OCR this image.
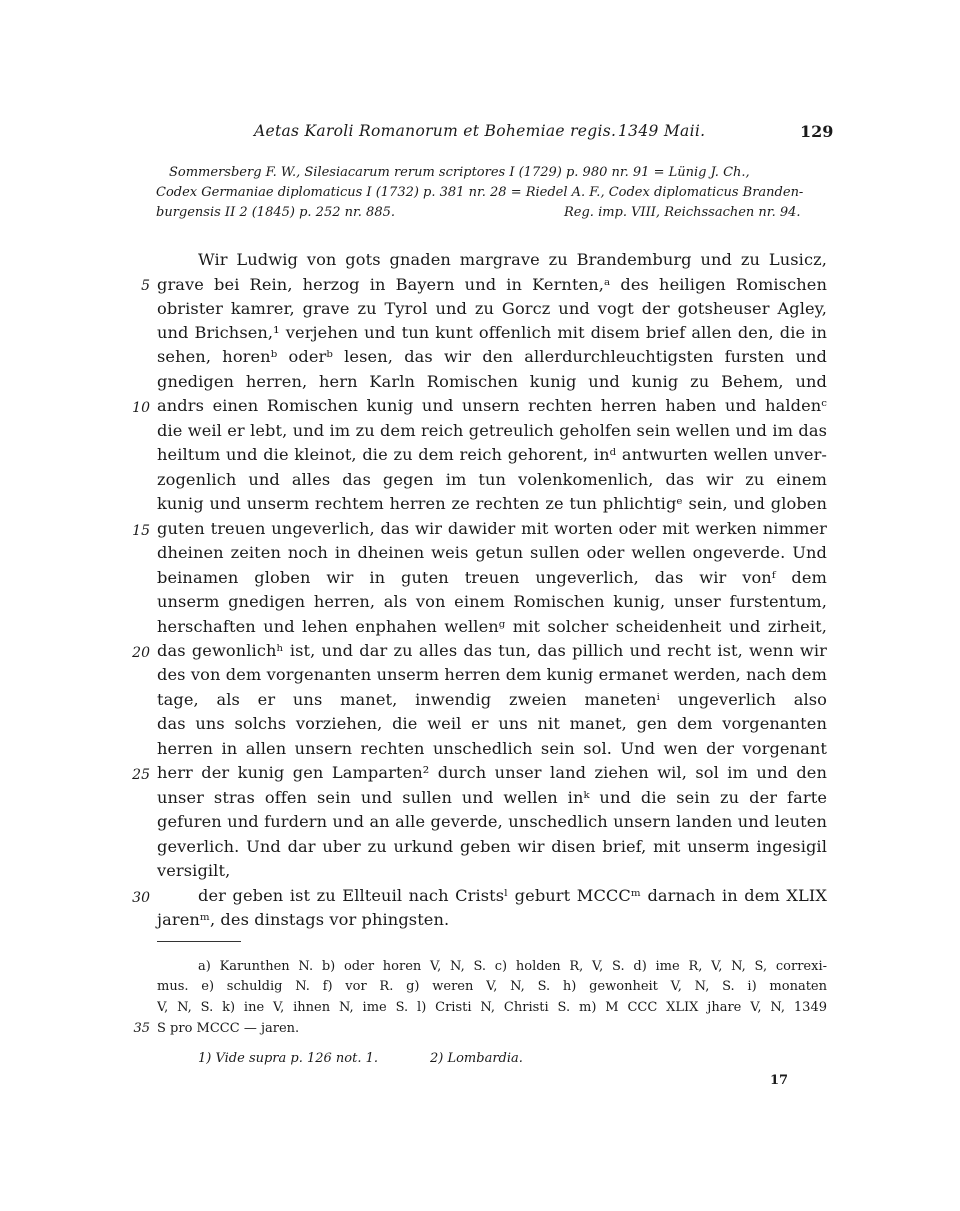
Aetas Karoli Romanorum et Bohemiae regis. 1349 Maii.	129
Sommersberg F. W., Silesiacarum rerum scriptores I (1729) p. 980 nr. 91 = Lünig J. Ch.,
Codex Germaniae diplomaticus I (1732) p. 381 nr. 28 = Riedel A. F., Codex diplomaticus Branden-
burgensis II 2 (1845) p. 252 nr. 885.	Reg. imp. VIII, Reichssachen nr. 94.
Wir Ludwig von gots gnaden margrave zu Brandemburg und zu Lusicz,
grave bei Rein, herzog in Bayern und in Kernten,ᵃ des heiligen Romischen
obrister kamrer, grave zu Tyrol und zu Gorcz und vogt der gotsheuser Agley,
und Brichsen,¹ verjehen und tun kunt offenlich mit disem brief allen den, die in
sehen, horenᵇ oderᵇ lesen, das wir den allerdurchleuchtigsten fursten und
gnedigen herren, hern Karln Romischen kunig und kunig zu Behem, und
andrs einen Romischen kunig und unsern rechten herren haben und haldenᶜ
die weil er lebt, und im zu dem reich getreulich geholfen sein wellen und im das
heiltum und die kleinot, die zu dem reich gehorent, inᵈ antwurten wellen unver-
zogenlich und alles das gegen im tun volenkomenlich, das wir zu einem
kunig und unserm rechtem herren ze rechten ze tun phlichtigᵉ sein, und globen
guten treuen ungeverlich, das wir dawider mit worten oder mit werken nimmer
dheinen zeiten noch in dheinen weis getun sullen oder wellen ongeverde. Und
beinamen globen wir in guten treuen ungeverlich, das wir vonᶠ dem
unserm gnedigen herren, als von einem Romischen kunig, unser furstentum,
herschaften und lehen enphahen wellenᵍ mit solcher scheidenheit und zirheit,
das gewonlichʰ ist, und dar zu alles das tun, das pillich und recht ist, wenn wir
des von dem vorgenanten unserm herren dem kunig ermanet werden, nach dem
tage, als er uns manet, inwendig zweien manetenⁱ ungeverlich also
das uns solchs vorziehen, die weil er uns nit manet, gen dem vorgenanten
herren in allen unsern rechten unschedlich sein sol. Und wen der vorgenant
herr der kunig gen Lamparten² durch unser land ziehen wil, sol im und den
unser stras offen sein und sullen und wellen inᵏ und die sein zu der farte
gefuren und furdern und an alle geverde, unschedlich unsern landen und leuten
geverlich. Und dar uber zu urkund geben wir disen brief, mit unserm ingesigil
versigilt,
der geben ist zu Ellteuil nach Cristsˡ geburt MCCCᵐ darnach in dem XLIX
jarenᵐ, des dinstags vor phingsten.
5
10
15
20
25
30
a) Karunthen N. b) oder horen V, N, S. c) holden R, V, S. d) ime R, V, N, S, correxi-
mus. e) schuldig N. f) vor R. g) weren V, N, S. h) gewonheit V, N, S. i) monaten
V, N, S. k) ine V, ihnen N, ime S. l) Cristi N, Christi S. m) M CCC XLIX jhare V, N, 1349
S pro MCCC — jaren.
35
1) Vide supra p. 126 not. 1.	2) Lombardia.
17
